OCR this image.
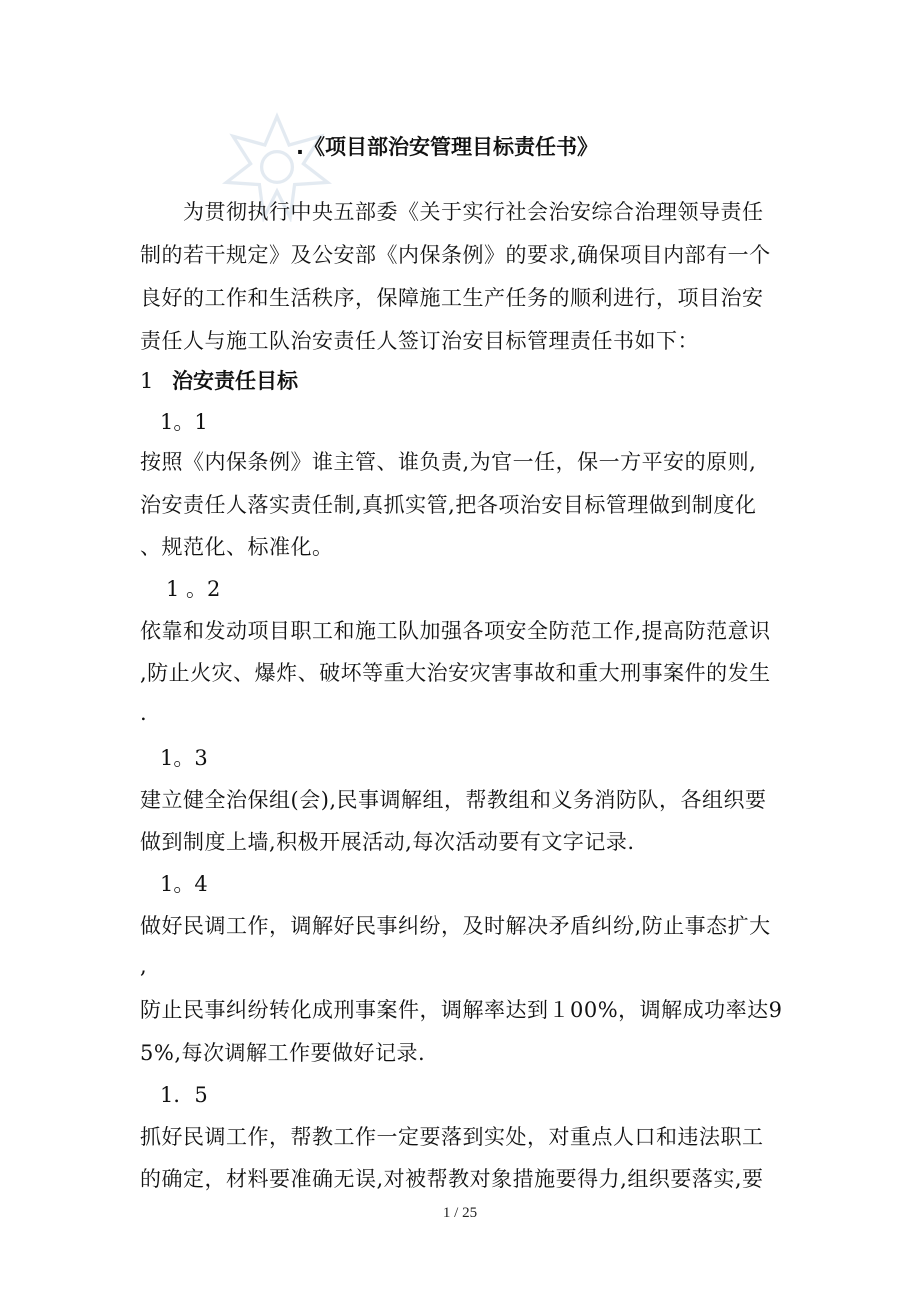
.《项目部治安管理目标责任书》
　　为贯彻执行中央五部委《关于实行社会治安综合治理领导责任
制的若干规定》及公安部《内保条例》的要求,确保项目内部有一个
良好的工作和生活秩序，保障施工生产任务的顺利进行，项目治安
责任人与施工队治安责任人签订治安目标管理责任书如下：
1 治安责任目标
1。1
按照《内保条例》谁主管、谁负责,为官一任，保一方平安的原则,
治安责任人落实责任制,真抓实管,把各项治安目标管理做到制度化
、规范化、标准化。
1 。2
依靠和发动项目职工和施工队加强各项安全防范工作,提高防范意识
,防止火灾、爆炸、破坏等重大治安灾害事故和重大刑事案件的发生
.
1。3
建立健全治保组(会),民事调解组，帮教组和义务消防队，各组织要
做到制度上墙,积极开展活动,每次活动要有文字记录.
1。4
做好民调工作，调解好民事纠纷，及时解决矛盾纠纷,防止事态扩大
,
防止民事纠纷转化成刑事案件，调解率达到１00%，调解成功率达9
5%,每次调解工作要做好记录.
1．5
抓好民调工作，帮教工作一定要落到实处，对重点人口和违法职工
的确定，材料要准确无误,对被帮教对象措施要得力,组织要落实,要
1 / 25
